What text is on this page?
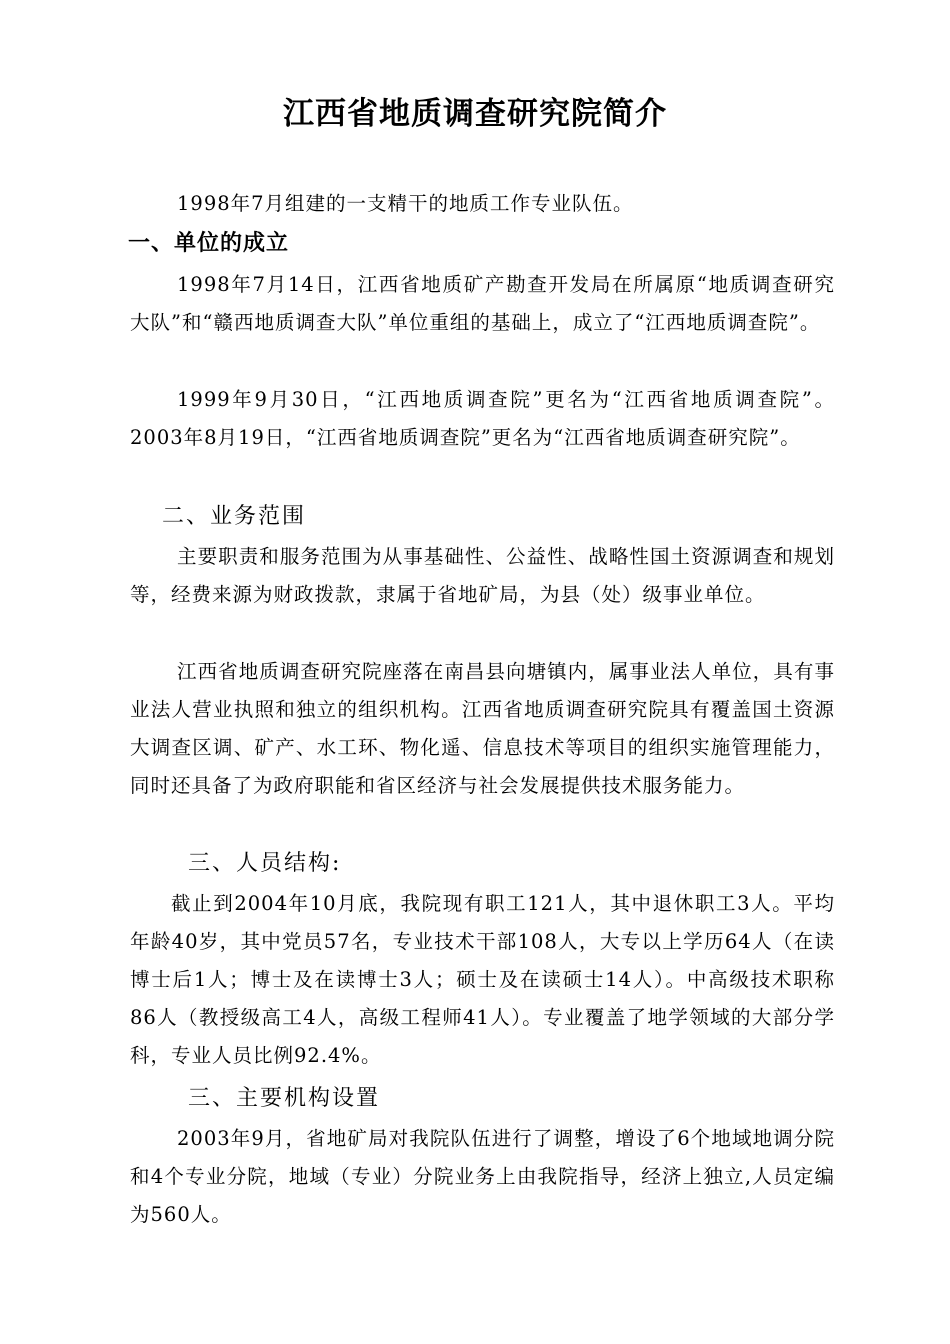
江西省地质调查研究院简介

1998年7月组建的一支精干的地质工作专业队伍。

一、单位的成立

1998年7月14日，江西省地质矿产勘查开发局在所属原“地质调查研究大队”和“赣西地质调查大队”单位重组的基础上，成立了“江西地质调查院”。

1999年9月30日，“江西地质调查院”更名为“江西省地质调查院”。2003年8月19日，“江西省地质调查院”更名为“江西省地质调查研究院”。

二、业务范围

主要职责和服务范围为从事基础性、公益性、战略性国土资源调查和规划等，经费来源为财政拨款，隶属于省地矿局，为县（处）级事业单位。

江西省地质调查研究院座落在南昌县向塘镇内，属事业法人单位，具有事业法人营业执照和独立的组织机构。江西省地质调查研究院具有覆盖国土资源大调查区调、矿产、水工环、物化遥、信息技术等项目的组织实施管理能力，同时还具备了为政府职能和省区经济与社会发展提供技术服务能力。

三、人员结构:

截止到2004年10月底，我院现有职工121人，其中退休职工3人。平均年龄40岁，其中党员57名，专业技术干部108人，大专以上学历64人（在读博士后1人；博士及在读博士3人；硕士及在读硕士14人）。中高级技术职称86人（教授级高工4人，高级工程师41人）。专业覆盖了地学领域的大部分学科，专业人员比例92.4%。

三、主要机构设置

2003年9月，省地矿局对我院队伍进行了调整，增设了6个地域地调分院和4个专业分院，地域（专业）分院业务上由我院指导，经济上独立,人员定编为560人。
